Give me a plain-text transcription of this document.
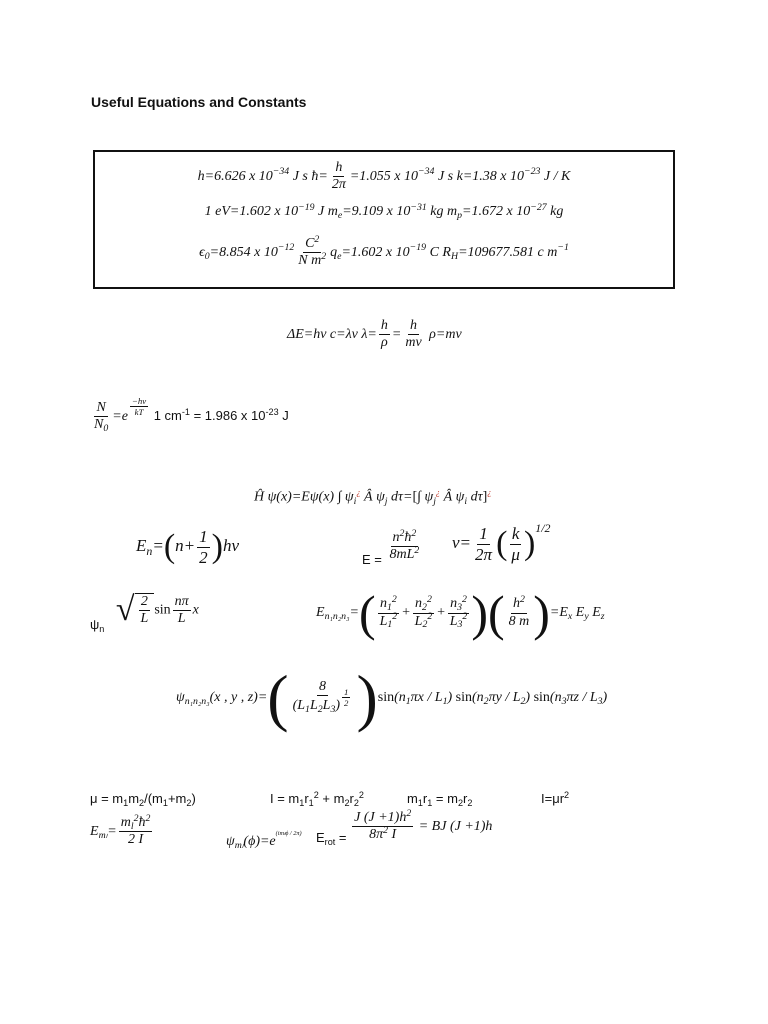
Useful Equations and Constants
h=6.626 x $10^{-34}$ J s ħ= $\frac{h}{2\pi} =1.055$ x $10^{-34}$ J s k=1.38 x $10^{-23}$ J / K
1 eV=1.602 x $10^{-19}$ J $m_e=9.109$ x $10^{-31}$ kg $m_p=1.672$ x $10^{-27}$ kg
$\epsilon_0=8.854$ x $10^{-12} \frac{C^2}{N m^2} q_e=1.602$ x $10^{-19}$ C $R_H=109677.581$ c $m^{-1}$
ΔE=hν c=λν $\lambda= \frac{h}{\rho} = \frac{h}{mv} \rho=mv$
$\frac{N}{N_0} =e$ $^{\frac{-h\nu}{kT}}$ 1 $cm^{-1} = 1.986$ x $10^{-23}$ J
Ĥ ψ(x)=Eψ(x) ∫ $\psi_i^¿$ Â $\psi_j$ dτ=[∫ $\psi_j^¿$ Â $\psi_i$ dτ]¿
$E_n=(n+ \frac{1}{2} )h\nu$
$E = \frac{n^2ħ^2}{8mL^2} \nu= \frac{1}{2\pi}$ ( $\frac{k}{\mu} )^{1/2}$
$\psi_n$
√ $\frac{2}{L}$ $\sin \frac{n\pi}{L}$ x	$E_{n_1n_2n_3}=( \frac{n_1^2}{L_1^2} + \frac{n_2^2}{L_2^2} + \frac{n_3^2}{L_3^2}$ )( $\frac{h^2}{8 m} )=E_x$ $E_y$ $E_z$
$\psi_{n_1n_2n_3}(x$ , y , z)=( 8
$(L_1L_2L_3)$ $^{\frac{1}{2}}$ )$\sin(n_1\pi x / L_1)$ $\sin(n_2\pi y / L_2)$ $\sin(n_3\pi z / L_3)$
$\mu = m_1m_2/(m_1+m_2)$	$I = m_1r_1^2 + m_2r_2^2$	$m_1r_1 = m_2r_2$	$I=\mu r^2$
$E_{m_l}= \frac{m_l^2ħ^2}{2 I}$	$\psi_{m_l}(\phi)=e^{(im_l\phi / 2\pi)}$ $E_{rot} = \frac{J (J +1)h^2}{8\pi^2 I}$ = BJ (J +1)h
